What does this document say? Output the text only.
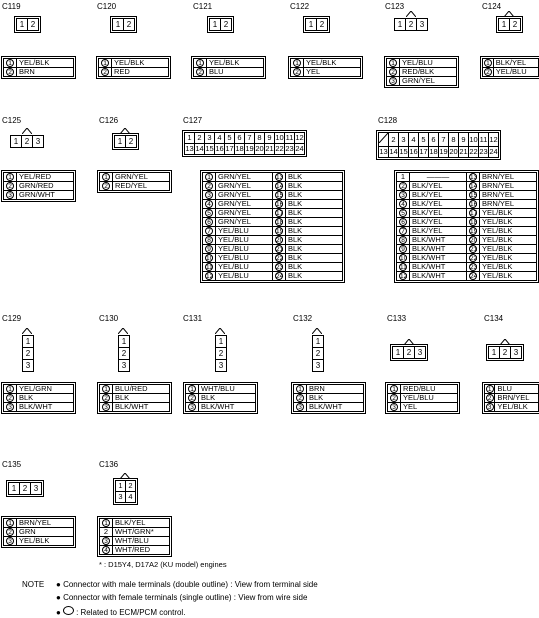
C119
1 2
1	YEL/BLK
2	BRN
C120
1 2
1	YEL/BLK
2	RED
C121
1 2
1	YEL/BLK
2	BLU
C122
1 2
1	YEL/BLK
2	YEL
C123
1 2 3
1	YEL/BLU
2	RED/BLK
3	GRN/YEL
C124
1 2
1	BLK/YEL
2	YEL/BLU
C125
1 2 3
1	YEL/RED
2	GRN/RED
3	GRN/WHT
C126
1 2
1	GRN/YEL
2	RED/YEL
C127	C128
C129
1
2
3
1	YEL/GRN
2	BLK
3	BLK/WHT
C130
1
2
3
1	BLU/RED
2	BLK
3	BLK/WHT
C131
1
2
3
1	WHT/BLU
2	BLK
3	BLK/WHT
C132
1
2
3
1	BRN
2	BLK
3	BLK/WHT
C133
1 2 3
1	RED/BLU
2	YEL/BLU
3	YEL
C134
1 2 3
1	BLU
2	BRN/YEL
3	YEL/BLK
C135
1 2 3
1	BRN/YEL
2	GRN
3	YEL/BLK
C136
1	2
3	4
1	BLK/YEL
2	WHT/GRN*
3	WHT/BLU
4	WHT/RED
1	2	3	4	5	6	7	8	9	10	11	12
13	14	15	16	17	18	19	20	21	22	23	24
1	GRN/YEL	13	BLK
2	GRN/YEL	14	BLK
3	GRN/YEL	15	BLK
4	GRN/YEL	16	BLK
5	GRN/YEL	17	BLK
6	GRN/YEL	18	BLK
7	YEL/BLU	19	BLK
8	YEL/BLU	20	BLK
9	YEL/BLU	21	BLK
10	YEL/BLU	22	BLK
11	YEL/BLU	23	BLK
12	YEL/BLU	24	BLK
	2	3	4	5	6	7	8	9	10	11	12
13	14	15	16	17	18	19	20	21	22	23	24
1	———	13	BRN/YEL
2	BLK/YEL	14	BRN/YEL
3	BLK/YEL	15	BRN/YEL
4	BLK/YEL	16	BRN/YEL
5	BLK/YEL	17	YEL/BLK
6	BLK/YEL	18	YEL/BLK
7	BLK/YEL	19	YEL/BLK
8	BLK/WHT	20	YEL/BLK
9	BLK/WHT	21	YEL/BLK
10	BLK/WHT	22	YEL/BLK
11	BLK/WHT	23	YEL/BLK
12	BLK/WHT	24	YEL/BLK
* : D15Y4, D17A2 (KU model) engines
NOTE ● Connector with male terminals (double outline) : View from terminal side
● Connector with female terminals (single outline) : View from wire side
● : Related to ECM/PCM control.
